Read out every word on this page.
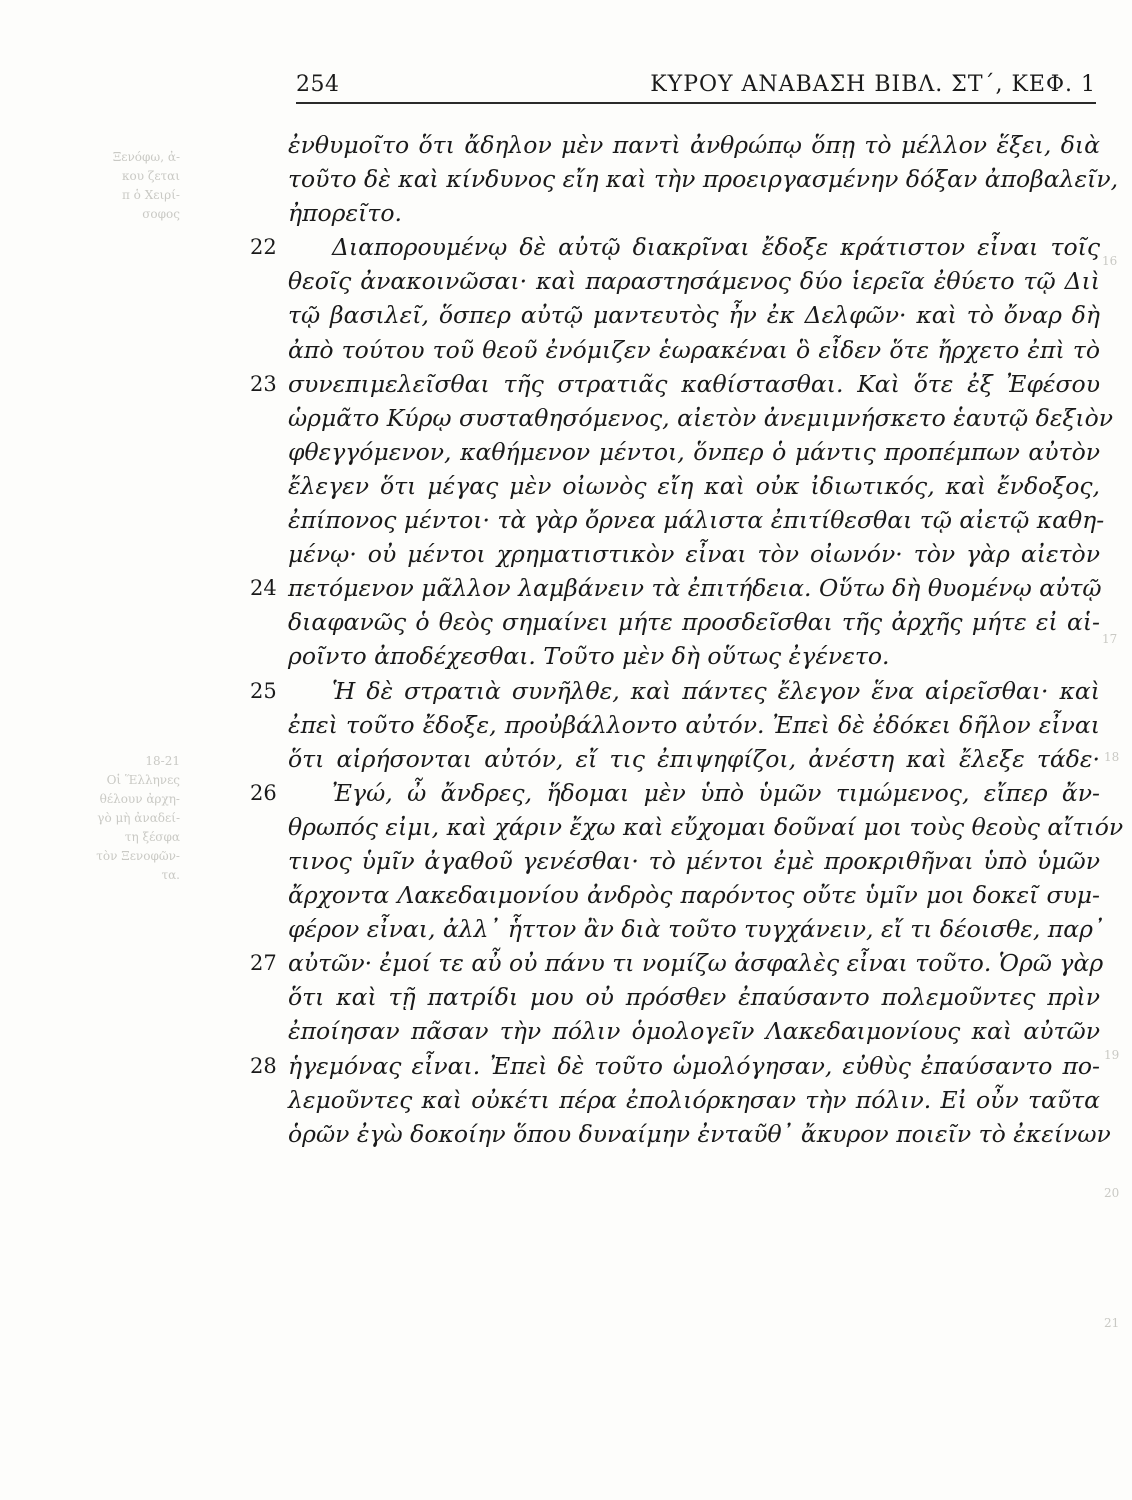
Ξενόφω, ἀ-
κου ζεται
π ὁ Χειρί-
σοφος
18-21
Οἱ Ἕλληνες
θέλουν ἀρχη-
γὸ μὴ ἀναδεί-
τη ξέσφα
τὸν Ξενοφῶν-
τα.
16
17
18
19
20
21
254	ΚΥΡΟΥ ΑΝΑΒΑΣΗ ΒΙΒΛ. ΣΤ΄, ΚΕΦ. 1
ἐνθυμοῖτο ὅτι ἄδηλον μὲν παντὶ ἀνθρώπῳ ὅπῃ τὸ μέλλον ἕξει, διὰ
τοῦτο δὲ καὶ κίνδυνος εἴη καὶ τὴν προειργασμένην δόξαν ἀποβαλεῖν,
ἠπορεῖτο.
22	Διαπορουμένῳ δὲ αὐτῷ διακρῖναι ἔδοξε κράτιστον εἶναι τοῖς
θεοῖς ἀνακοινῶσαι· καὶ παραστησάμενος δύο ἱερεῖα ἐθύετο τῷ Διὶ
τῷ βασιλεῖ, ὅσπερ αὐτῷ μαντευτὸς ἦν ἐκ Δελφῶν· καὶ τὸ ὄναρ δὴ
ἀπὸ τούτου τοῦ θεοῦ ἐνόμιζεν ἑωρακέναι ὃ εἶδεν ὅτε ἤρχετο ἐπὶ τὸ
23 συνεπιμελεῖσθαι τῆς στρατιᾶς καθίστασθαι. Καὶ ὅτε ἐξ Ἐφέσου
ὡρμᾶτο Κύρῳ συσταθησόμενος, αἰετὸν ἀνεμιμνήσκετο ἑαυτῷ δεξιὸν
φθεγγόμενον, καθήμενον μέντοι, ὅνπερ ὁ μάντις προπέμπων αὐτὸν
ἔλεγεν ὅτι μέγας μὲν οἰωνὸς εἴη καὶ οὐκ ἰδιωτικός, καὶ ἔνδοξος,
ἐπίπονος μέντοι· τὰ γὰρ ὄρνεα μάλιστα ἐπιτίθεσθαι τῷ αἰετῷ καθη-
μένῳ· οὐ μέντοι χρηματιστικὸν εἶναι τὸν οἰωνόν· τὸν γὰρ αἰετὸν
24 πετόμενον μᾶλλον λαμβάνειν τὰ ἐπιτήδεια. Οὕτω δὴ θυομένῳ αὐτῷ
διαφανῶς ὁ θεὸς σημαίνει μήτε προσδεῖσθαι τῆς ἀρχῆς μήτε εἰ αἱ-
ροῖντο ἀποδέχεσθαι. Τοῦτο μὲν δὴ οὕτως ἐγένετο.
25	Ἡ δὲ στρατιὰ συνῆλθε, καὶ πάντες ἔλεγον ἕνα αἱρεῖσθαι· καὶ
ἐπεὶ τοῦτο ἔδοξε, προὐβάλλοντο αὐτόν. Ἐπεὶ δὲ ἐδόκει δῆλον εἶναι
ὅτι αἱρήσονται αὐτόν, εἴ τις ἐπιψηφίζοι, ἀνέστη καὶ ἔλεξε τάδε·
26	Ἐγώ, ὦ ἄνδρες, ἥδομαι μὲν ὑπὸ ὑμῶν τιμώμενος, εἴπερ ἄν-
θρωπός εἰμι, καὶ χάριν ἔχω καὶ εὔχομαι δοῦναί μοι τοὺς θεοὺς αἴτιόν
τινος ὑμῖν ἀγαθοῦ γενέσθαι· τὸ μέντοι ἐμὲ προκριθῆναι ὑπὸ ὑμῶν
ἄρχοντα Λακεδαιμονίου ἀνδρὸς παρόντος οὔτε ὑμῖν μοι δοκεῖ συμ-
φέρον εἶναι, ἀλλ᾽ ἧττον ἂν διὰ τοῦτο τυγχάνειν, εἴ τι δέοισθε, παρ᾽
27 αὐτῶν· ἐμοί τε αὖ οὐ πάνυ τι νομίζω ἀσφαλὲς εἶναι τοῦτο. Ὁρῶ γὰρ
ὅτι καὶ τῇ πατρίδι μου οὐ πρόσθεν ἐπαύσαντο πολεμοῦντες πρὶν
ἐποίησαν πᾶσαν τὴν πόλιν ὁμολογεῖν Λακεδαιμονίους καὶ αὐτῶν
28 ἡγεμόνας εἶναι. Ἐπεὶ δὲ τοῦτο ὡμολόγησαν, εὐθὺς ἐπαύσαντο πο-
λεμοῦντες καὶ οὐκέτι πέρα ἐπολιόρκησαν τὴν πόλιν. Εἰ οὖν ταῦτα
ὁρῶν ἐγὼ δοκοίην ὅπου δυναίμην ἐνταῦθ᾽ ἄκυρον ποιεῖν τὸ ἐκείνων
